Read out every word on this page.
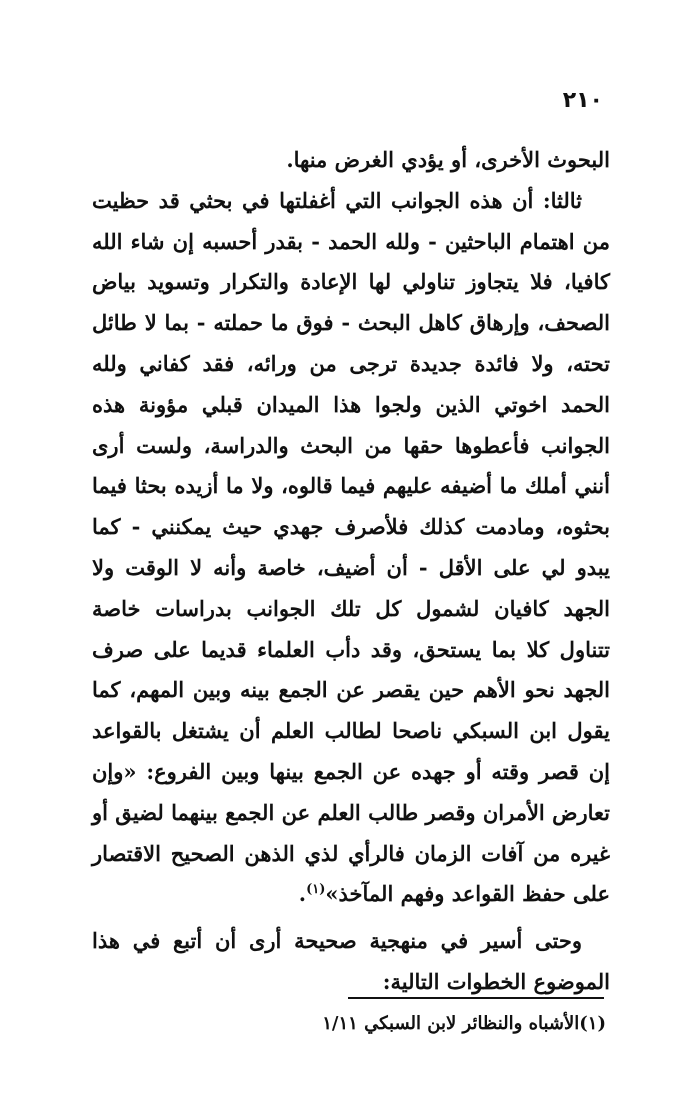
٢١٠

البحوث الأخرى، أو يؤدي الغرض منها.

ثالثا: أن هذه الجوانب التي أغفلتها في بحثي قد حظيت من اهتمام الباحثين - ولله الحمد - بقدر أحسبه إن شاء الله كافيا، فلا يتجاوز تناولي لها الإعادة والتكرار وتسويد بياض الصحف، وإرهاق كاهل البحث - فوق ما حملته - بما لا طائل تحته، ولا فائدة جديدة ترجى من ورائه، فقد كفاني ولله الحمد اخوتي الذين ولجوا هذا الميدان قبلي مؤونة هذه الجوانب فأعطوها حقها من البحث والدراسة، ولست أرى أنني أملك ما أضيفه عليهم فيما قالوه، ولا ما أزيده بحثا فيما بحثوه، ومادمت كذلك فلأصرف جهدي حيث يمكنني - كما يبدو لي على الأقل - أن أضيف، خاصة وأنه لا الوقت ولا الجهد كافيان لشمول كل تلك الجوانب بدراسات خاصة تتناول كلا بما يستحق، وقد دأب العلماء قديما على صرف الجهد نحو الأهم حين يقصر عن الجمع بينه وبين المهم، كما يقول ابن السبكي ناصحا لطالب العلم أن يشتغل بالقواعد إن قصر وقته أو جهده عن الجمع بينها وبين الفروع: «وإن تعارض الأمران وقصر طالب العلم عن الجمع بينهما لضيق أو غيره من آفات الزمان فالرأي لذي الذهن الصحيح الاقتصار على حفظ القواعد وفهم المآخذ»$^{(١)}$.

وحتى أسير في منهجية صحيحة أرى أن أتبع في هذا الموضوع الخطوات التالية:

(١)الأشباه والنظائر لابن السبكي ١/١١
